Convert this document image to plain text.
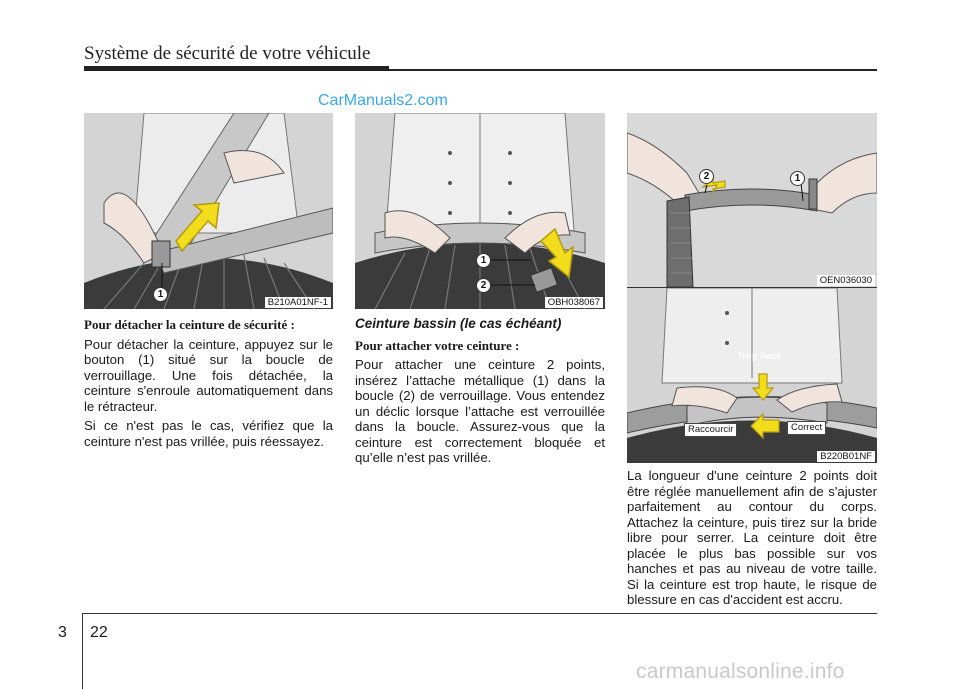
Système de sécurité de votre véhicule
CarManuals2.com
1
B210A01NF-1
1
2
OBH038067
2	1
OEN036030
Trop haut
Raccourcir	Correct
B220B01NF
Pour détacher la ceinture de sécurité :

Pour détacher la ceinture, appuyez sur le bouton (1) situé sur la boucle de verrouillage. Une fois détachée, la ceinture s'enroule automatiquement dans le rétracteur.

Si ce n'est pas le cas, vérifiez que la ceinture n'est pas vrillée, puis réessayez.

Ceinture bassin (le cas échéant)
Pour attacher votre ceinture :

Pour attacher une ceinture 2 points, insérez l’attache métallique (1) dans la boucle (2) de verrouillage. Vous entendez un déclic lorsque l’attache est verrouillée dans la boucle. Assurez-vous que la ceinture est correctement bloquée et qu’elle n’est pas vrillée.

La longueur d'une ceinture 2 points doit être réglée manuellement afin de s'ajuster parfaitement au contour du corps. Attachez la ceinture, puis tirez sur la bride libre pour serrer. La ceinture doit être placée le plus bas possible sur vos hanches et pas au niveau de votre taille. Si la ceinture est trop haute, le risque de blessure en cas d'accident est accru.

3 22
carmanualsonline.info
